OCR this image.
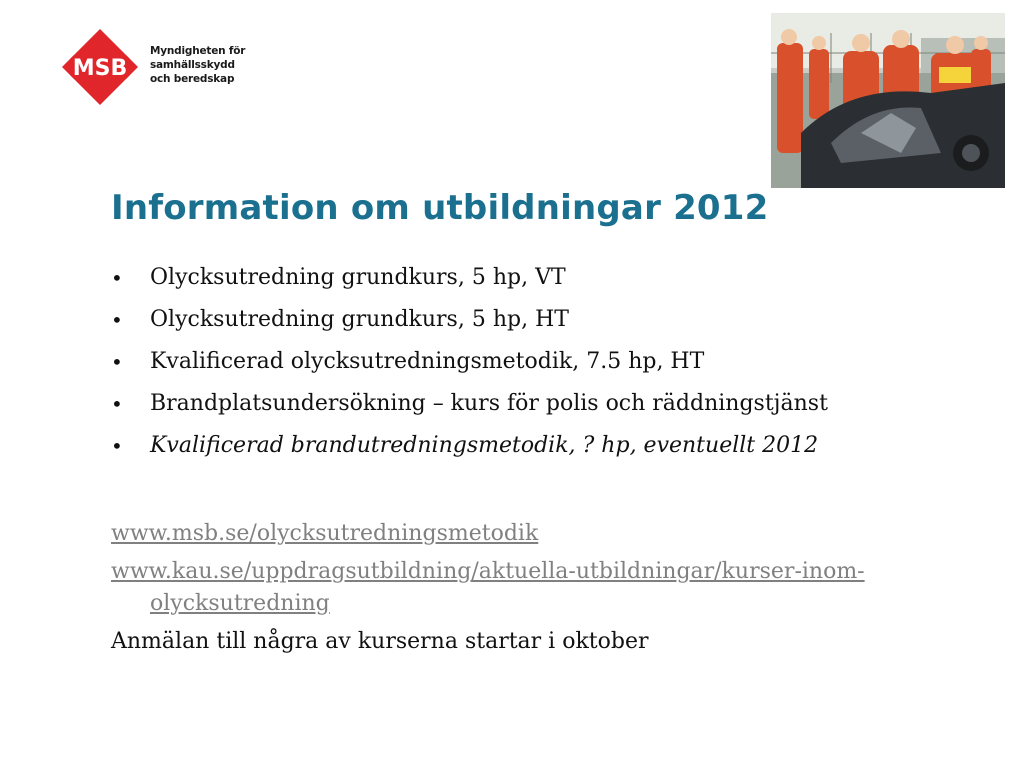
MSB
Myndigheten för
samhällsskydd
och beredskap
Information om utbildningar 2012
• Olycksutredning grundkurs, 5 hp, VT
• Olycksutredning grundkurs, 5 hp, HT
• Kvalificerad olycksutredningsmetodik, 7.5 hp, HT
• Brandplatsundersökning – kurs för polis och räddningstjänst
• Kvalificerad brandutredningsmetodik, ? hp, eventuellt 2012

www.msb.se/olycksutredningsmetodik

www.kau.se/uppdragsutbildning/aktuella-utbildningar/kurser-inom-olycksutredning

Anmälan till några av kurserna startar i oktober
